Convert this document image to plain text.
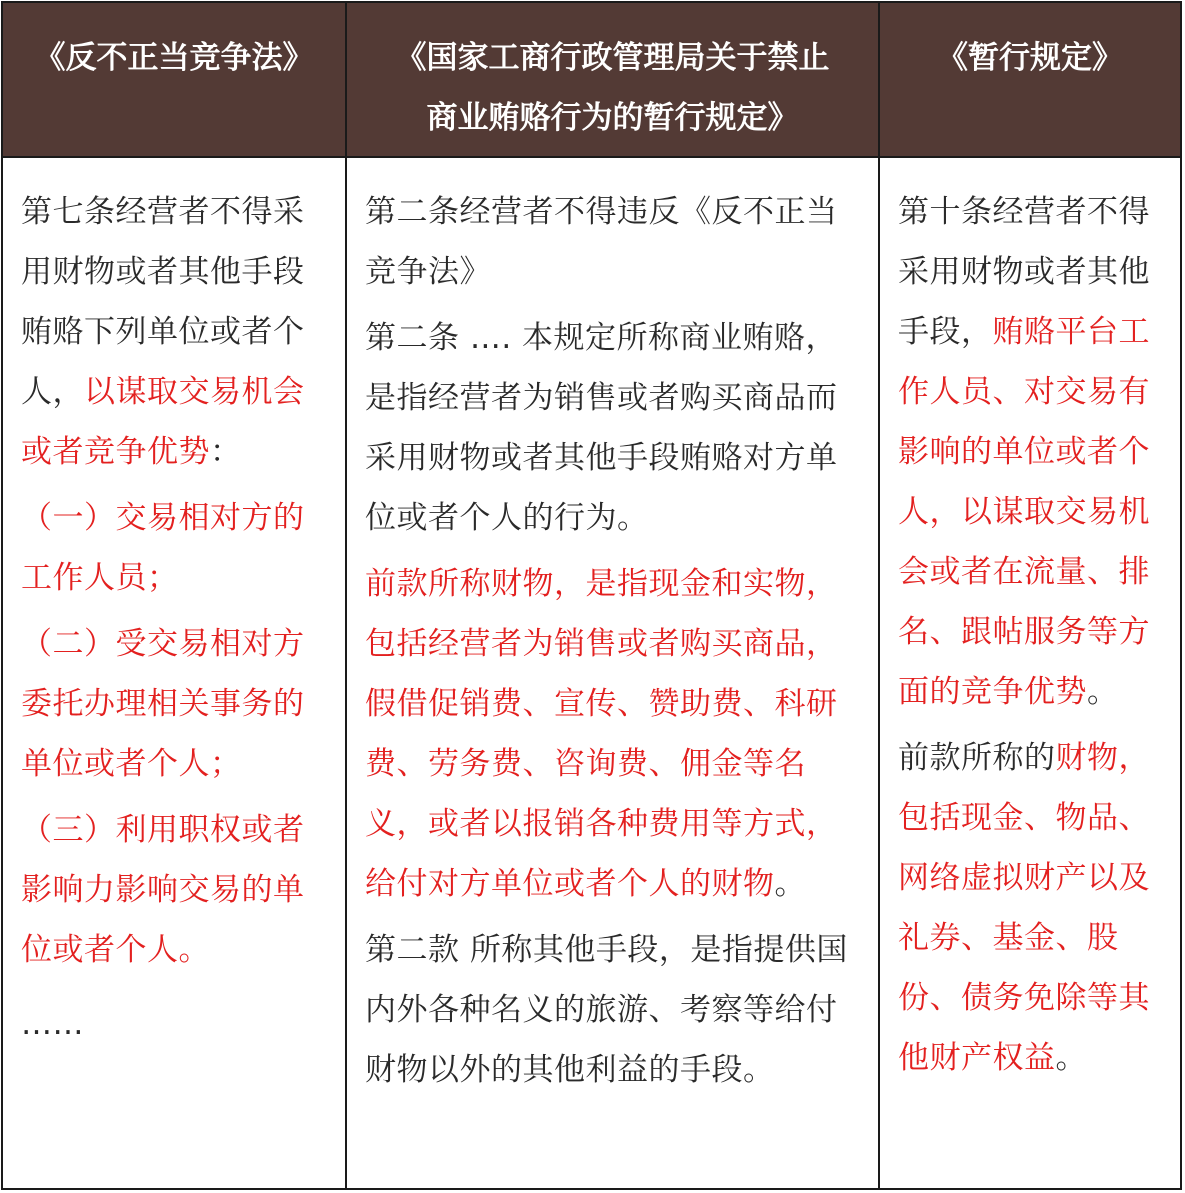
《反不正当竞争法》	《国家工商行政管理局关于禁止
商业贿赂行为的暂行规定》
《暂行规定》

第七条经营者不得采用财物或者其他手段贿赂下列单位或者个人，以谋取交易机会或者竞争优势：

（一）交易相对方的工作人员；

（二）受交易相对方委托办理相关事务的单位或者个人；

（三）利用职权或者影响力影响交易的单位或者个人。

……

第二条经营者不得违反《反不正当竞争法》

第二条 …. 本规定所称商业贿赂，是指经营者为销售或者购买商品而采用财物或者其他手段贿赂对方单位或者个人的行为。

前款所称财物，是指现金和实物，包括经营者为销售或者购买商品，假借促销费、宣传、赞助费、科研费、劳务费、咨询费、佣金等名义，或者以报销各种费用等方式，给付对方单位或者个人的财物。

第二款 所称其他手段，是指提供国内外各种名义的旅游、考察等给付财物以外的其他利益的手段。

第十条经营者不得采用财物或者其他手段，贿赂平台工作人员、对交易有影响的单位或者个人，以谋取交易机会或者在流量、排名、跟帖服务等方面的竞争优势。

前款所称的财物，包括现金、物品、网络虚拟财产以及礼券、基金、股份、债务免除等其他财产权益。
